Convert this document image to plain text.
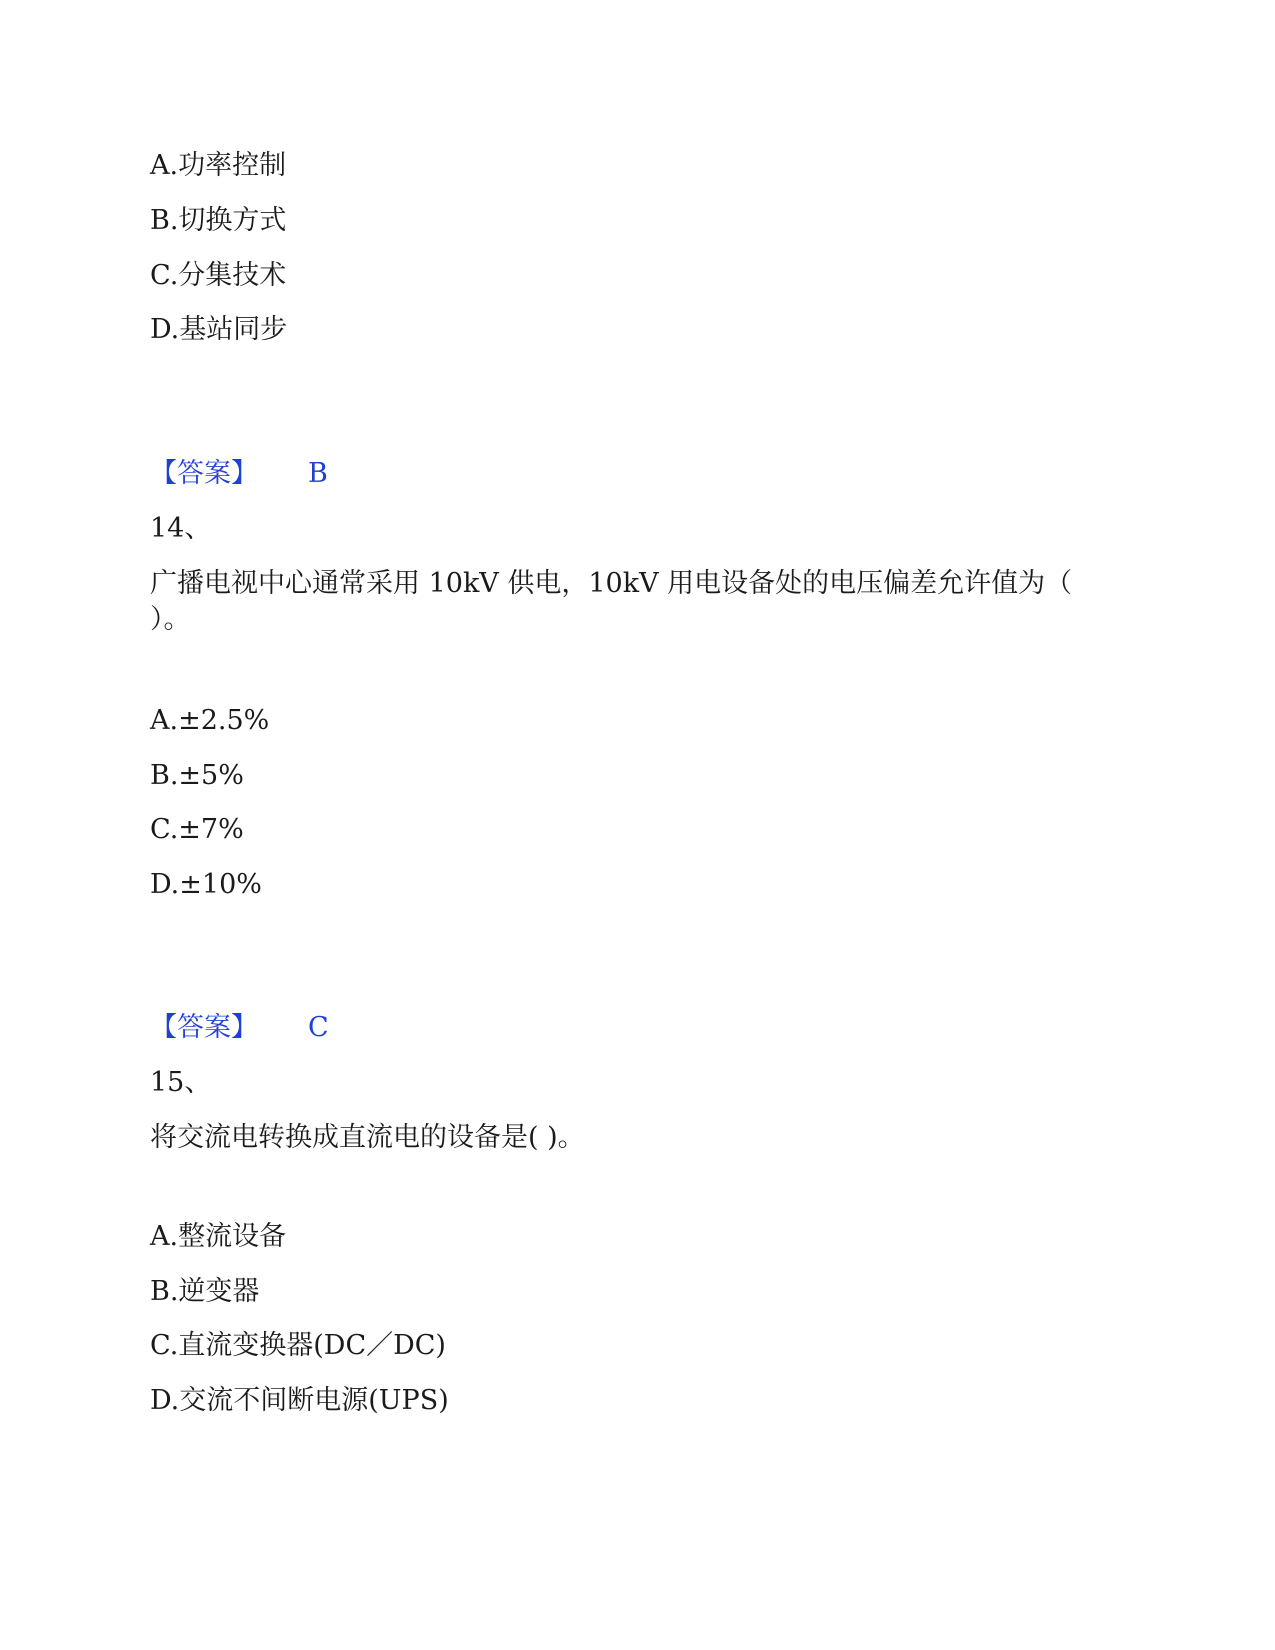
A.功率控制
B.切换方式
C.分集技术
D.基站同步
【答案】 B
14、
广播电视中心通常采用 10kV 供电，10kV 用电设备处的电压偏差允许值为（
）。
A.±2.5%
B.±5%
C.±7%
D.±10%
【答案】 C
15、
将交流电转换成直流电的设备是( )。
A.整流设备
B.逆变器
C.直流变换器(DC／DC)
D.交流不间断电源(UPS)
